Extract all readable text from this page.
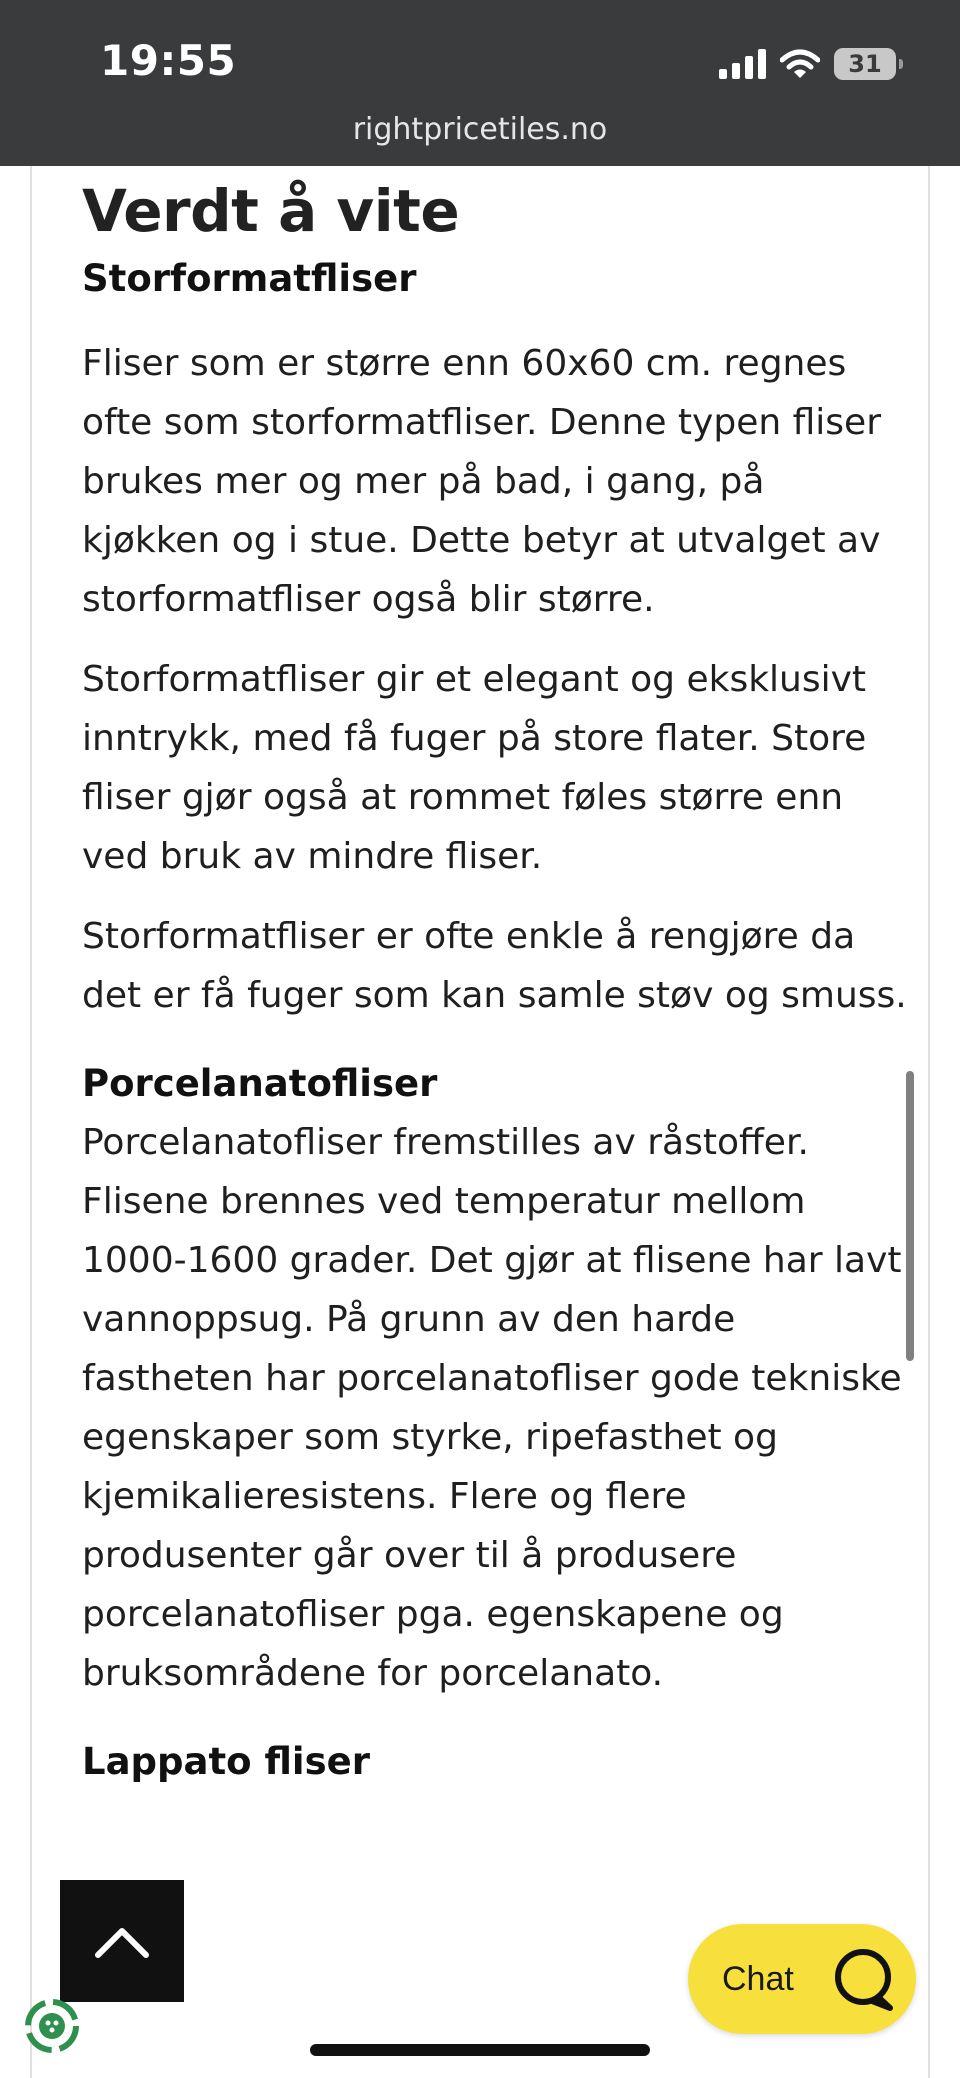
19:55	31
rightpricetiles.no
Verdt å vite
Storformatfliser

Fliser som er større enn 60x60 cm. regnes ofte som storformatfliser. Denne typen fliser brukes mer og mer på bad, i gang, på kjøkken og i stue. Dette betyr at utvalget av storformatfliser også blir større.

Storformatfliser gir et elegant og eksklusivt inntrykk, med få fuger på store flater. Store fliser gjør også at rommet føles større enn ved bruk av mindre fliser.

Storformatfliser er ofte enkle å rengjøre da det er få fuger som kan samle støv og smuss.

Porcelanatofliser

Porcelanatofliser fremstilles av råstoffer. Flisene brennes ved temperatur mellom 1000-1600 grader. Det gjør at flisene har lavt vannoppsug. På grunn av den harde fastheten har porcelanatofliser gode tekniske egenskaper som styrke, ripefasthet og kjemikalieresistens. Flere og flere produsenter går over til å produsere porcelanatofliser pga. egenskapene og bruksområdene for porcelanato.

Lappato fliser
Chat
